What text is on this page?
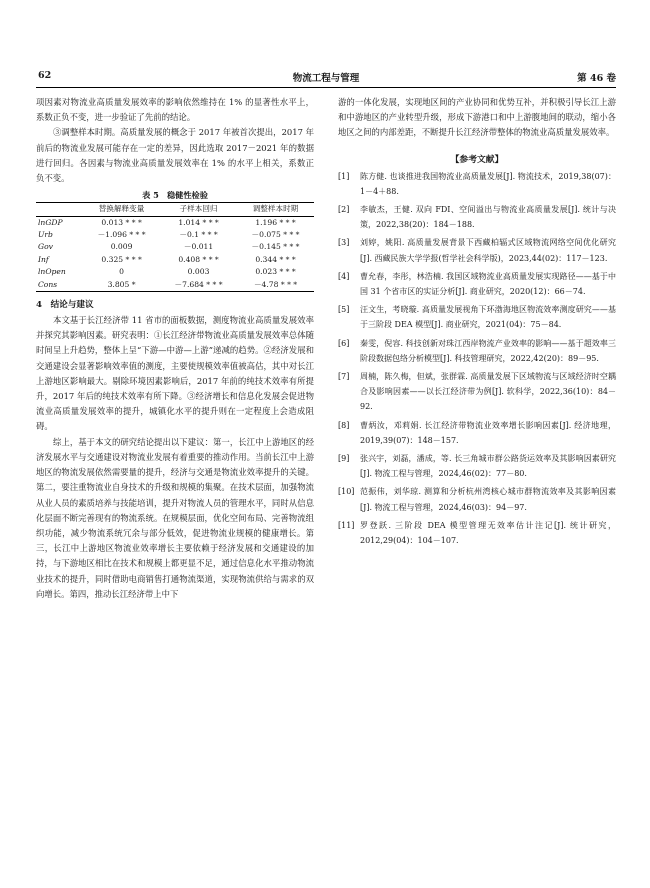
62	物流工程与管理	第 46 卷

项因素对物流业高质量发展效率的影响依然维持在 1% 的显著性水平上，系数正负不变，进一步验证了先前的结论。

③调整样本时期。高质量发展的概念于 2017 年被首次提出，2017 年前后的物流业发展可能存在一定的差异，因此选取 2017－2021 年的数据进行回归。各因素与物流业高质量发展效率在 1% 的水平上相关，系数正负不变。

表 5　稳健性检验
	替换解释变量	子样本回归	调整样本时期
lnGDP	0.013 * * *	1.014 * * *	1.196 * * *
Urb	－1.096 * * *	－0.1 * * *	－0.075 * * *
Gov	0.009	－0.011	－0.145 * * *
Inf	0.325 * * *	0.408 * * *	0.344 * * *
lnOpen	0	0.003	0.023 * * *
Cons	3.805 *	－7.684 * * *	－4.78 * * *
4　结论与建议

本文基于长江经济带 11 省市的面板数据，测度物流业高质量发展效率并探究其影响因素。研究表明：①长江经济带物流业高质量发展效率总体随时间呈上升趋势，整体上呈“下游—中游—上游”递减的趋势。②经济发展和交通建设会显著影响效率值的测度，主要使规模效率值被高估，其中对长江上游地区影响最大。剔除环境因素影响后，2017 年前的纯技术效率有所提升，2017 年后的纯技术效率有所下降。③经济增长和信息化发展会促进物流业高质量发展效率的提升，城镇化水平的提升则在一定程度上会造成阻碍。

综上，基于本文的研究结论提出以下建议：第一，长江中上游地区的经济发展水平与交通建设对物流业发展有着重要的推动作用。当前长江中上游地区的物流发展依然需要量的提升，经济与交通是物流业效率提升的关键。第二，要注重物流业自身技术的升级和规模的集聚。在技术层面，加强物流从业人员的素质培养与技能培训，提升对物流人员的管理水平，同时从信息化层面不断完善现有的物流系统。在规模层面，优化空间布局、完善物流组织功能，减少物流系统冗余与部分低效，促进物流业规模的健康增长。第三，长江中上游地区物流业效率增长主要依赖于经济发展和交通建设的加持，与下游地区相比在技术和规模上都更显不足，通过信息化水平推动物流业技术的提升，同时借助电商销售打通物流渠道，实现物流供给与需求的双向增长。第四，推动长江经济带上中下

游的一体化发展，实现地区间的产业协同和优势互补，并积极引导长江上游和中游地区的产业转型升级，形成下游港口和中上游腹地间的联动，缩小各地区之间的内部差距，不断提升长江经济带整体的物流业高质量发展效率。

【参考文献】
[1] 陈方健. 也谈推进我国物流业高质量发展[J]. 物流技术，2019,38(07)：1－4＋88.
[2] 李敏杰，王健. 双向 FDI、空间溢出与物流业高质量发展[J]. 统计与决策，2022,38(20)：184－188.
[3] 刘婷，姚阳. 高质量发展背景下西藏柏辐式区域物流网络空间优化研究[J]. 西藏民族大学学报(哲学社会科学版)，2023,44(02)：117－123.
[4] 曹允春，李彤，林浩楠. 我国区域物流业高质量发展实现路径——基于中国 31 个省市区的实证分析[J]. 商业研究，2020(12)：66－74.
[5] 汪文生，考晓璇. 高质量发展视角下环渤海地区物流效率测度研究——基于三阶段 DEA 模型[J]. 商业研究，2021(04)：75－84.
[6] 秦雯，倪容. 科技创新对珠江西岸物流产业效率的影响——基于超效率三阶段数据包络分析模型[J]. 科技管理研究，2022,42(20)：89－95.
[7] 周楠，陈久梅，但斌，张群霖. 高质量发展下区域物流与区域经济时空耦合及影响因素——以长江经济带为例[J]. 软科学，2022,36(10)：84－92.
[8] 曹炳汝，邓莉娟. 长江经济带物流业效率增长影响因素[J]. 经济地理，2019,39(07)：148－157.
[9] 张兴宇，刘磊，潘成，等. 长三角城市群公路货运效率及其影响因素研究[J]. 物流工程与管理，2024,46(02)：77－80.
[10] 范振伟，刘华琼. 测算和分析杭州湾核心城市群物流效率及其影响因素[J]. 物流工程与管理，2024,46(03)：94－97.
[11] 罗登跃. 三阶段 DEA 模型管理无效率估计注记[J]. 统计研究，2012,29(04)：104－107.
